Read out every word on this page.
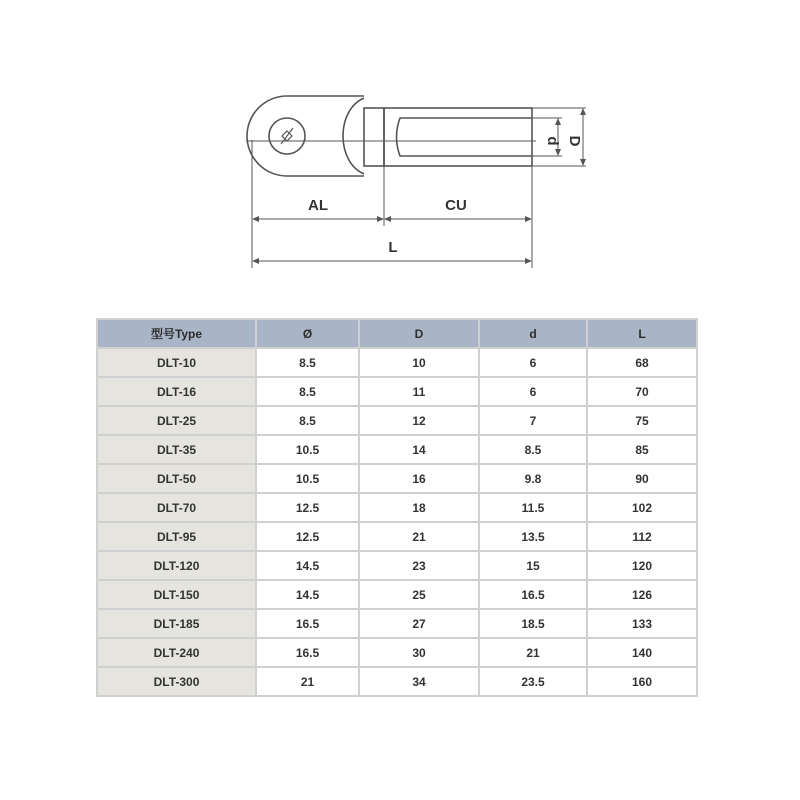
AL	CU
L
d D
型号Type	Ø	D	d	L
DLT-10	8.5	10	6	68
DLT-16	8.5	11	6	70
DLT-25	8.5	12	7	75
DLT-35	10.5	14	8.5	85
DLT-50	10.5	16	9.8	90
DLT-70	12.5	18	11.5	102
DLT-95	12.5	21	13.5	112
DLT-120	14.5	23	15	120
DLT-150	14.5	25	16.5	126
DLT-185	16.5	27	18.5	133
DLT-240	16.5	30	21	140
DLT-300	21	34	23.5	160
